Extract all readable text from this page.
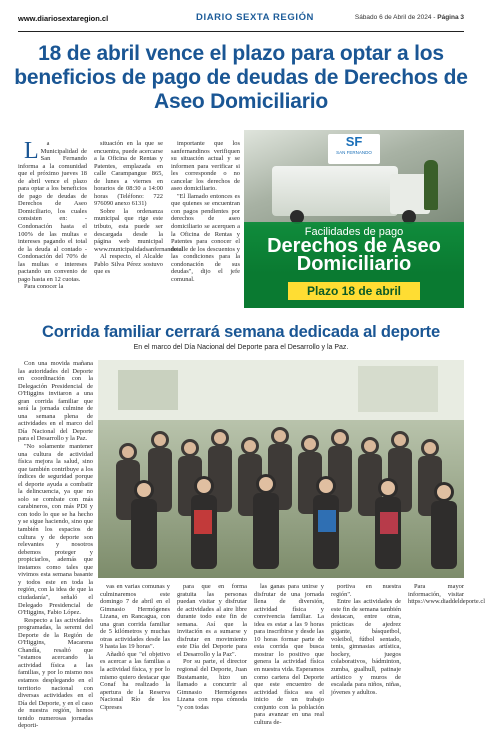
www.diariosextaregion.cl	DIARIO SEXTA REGIÓN	Sábado 6 de Abril de 2024 - Página 3
18 de abril vence el plazo para optar a los beneficios de pago de deudas de Derechos de Aseo Domiciliario

L a Municipalidad de San Fernando informa a la comunidad que el próximo jueves 18 de abril vence el plazo para optar a los beneficios de pago de deudas de Derechos de Aseo Domiciliario, los cuales consisten en: -Condonación hasta el 100% de las multas e intereses pagando el total de la deuda al contado -Condonación del 70% de las multas e intereses pactando un convenio de pago hasta en 12 cuotas.

Para conocer la

situación en la que se encuentra, puede acercarse a la Oficina de Rentas y Patentes, emplazada en calle Carampangue 865, de lunes a viernes en horarios de 08:30 a 14:00 horas (Teléfono: 722 976090 anexo 6131)

Sobre la ordenanza municipal que rige este tributo, esta puede ser descargada desde la página web municipal www.municipalidadsanfernando.cl

Al respecto, el Alcalde Pablo Silva Pérez sostuvo que es

importante que los sanfernandinos verifiquen su situación actual y se informen para verificar si les corresponde o no cancelar los derechos de aseo domiciliario.

"El llamado entonces es que quienes se encuentran con pagos pendientes por derechos de aseo domiciliario se acerquen a la Oficina de Rentas y Patentes para conocer el detalle de los descuentos y las condiciones para la condonación de sus deudas", dijo el jefe comunal.

SF
SAN FERNANDO
Facilidades de pago
Derechos de Aseo
Domiciliario
Plazo 18 de abril
Corrida familiar cerrará semana dedicada al deporte
En el marco del Día Nacional del Deporte para el Desarrollo y la Paz.

Con una movida mañana las autoridades del Deporte en coordinación con la Delegación Presidencial de O'Higgins invitaron a una gran corrida familiar que será la jornada culmine de una semana plena de actividades en el marco del Día Nacional del Deporte para el Desarrollo y la Paz.

"No solamente mantener una cultura de actividad física mejora la salud, sino que también contribuye a los índices de seguridad porque el deporte ayuda a combatir la delincuencia, ya que no solo se combate con más carabineros, con más PDI y con todo lo que se ha hecho y se sigue haciendo, sino que también los espacios de cultura y de deporte son relevantes y nosotros debemos proteger y propiciarlos, además que instamos como tales que vivimos esta semana basante y todos este en toda la región, con la idea de que la ciudadanía", señaló el Delegado Presidencial de O'Higgins, Fabio López.

Respecto a las actividades programadas, la seremi del Deporte de la Región de O'Higgins, Macarena Chandía, resaltó que "estamos acercando la actividad física a las familias, y por lo mismo nos estamos desplegando en el territorio nacional con diversas actividades en el Día del Deporte, y en el caso de nuestra región, hemos tenido numerosas jornadas deporti-

vas en varias comunas y culminaremos este domingo 7 de abril en el Gimnasio Hermógenes Lizana, en Rancagua, con una gran corrida familiar de 5 kilómetros y muchas otras actividades desde las 9 hasta las 19 horas".

Añadió que "el objetivo es acercar a las familias a la actividad física, y por lo mismo quiero destacar que Conaf ha realizado la apertura de la Reserva Nacional Río de los Cipreses

para que en forma gratuita las personas puedan visitar y disfrutar de actividades al aire libre durante todo este fin de semana. Así que la invitación es a sumarse y disfrutar en movimiento este Día del Deporte para el Desarrollo y la Paz".

Por su parte, el director regional del Deporte, Juan Bustamante, hizo un llamado a concurrir al Gimnasio Hermógenes Lizana con ropa cómoda "y con todas

las ganas para unirse y disfrutar de una jornada llena de diversión, actividad física y convivencia familiar. La idea es estar a las 9 horas para inscribirse y desde las 10 horas formar parte de esta corrida que busca mostrar lo positivo que genera la actividad física en nuestra vida. Esperamos como cartera del Deporte que este encuentro de actividad física sea el inicio de un trabajo conjunto con la población para avanzar en una real cultura de-

portiva en nuestra región".

Entre las actividades de este fin de semana también destacan, entre otras, prácticas de ajedrez gigante, básquetbol, voleibol, fútbol sentado, tenis, gimnasias artística, hockey, juegos colaborativos, bádminton, zumba, gualhull, patinaje artístico y muros de escalada para niños, niñas, jóvenes y adultos.

Para mayor información, visitar https://www.diaddeldeporte.cl
